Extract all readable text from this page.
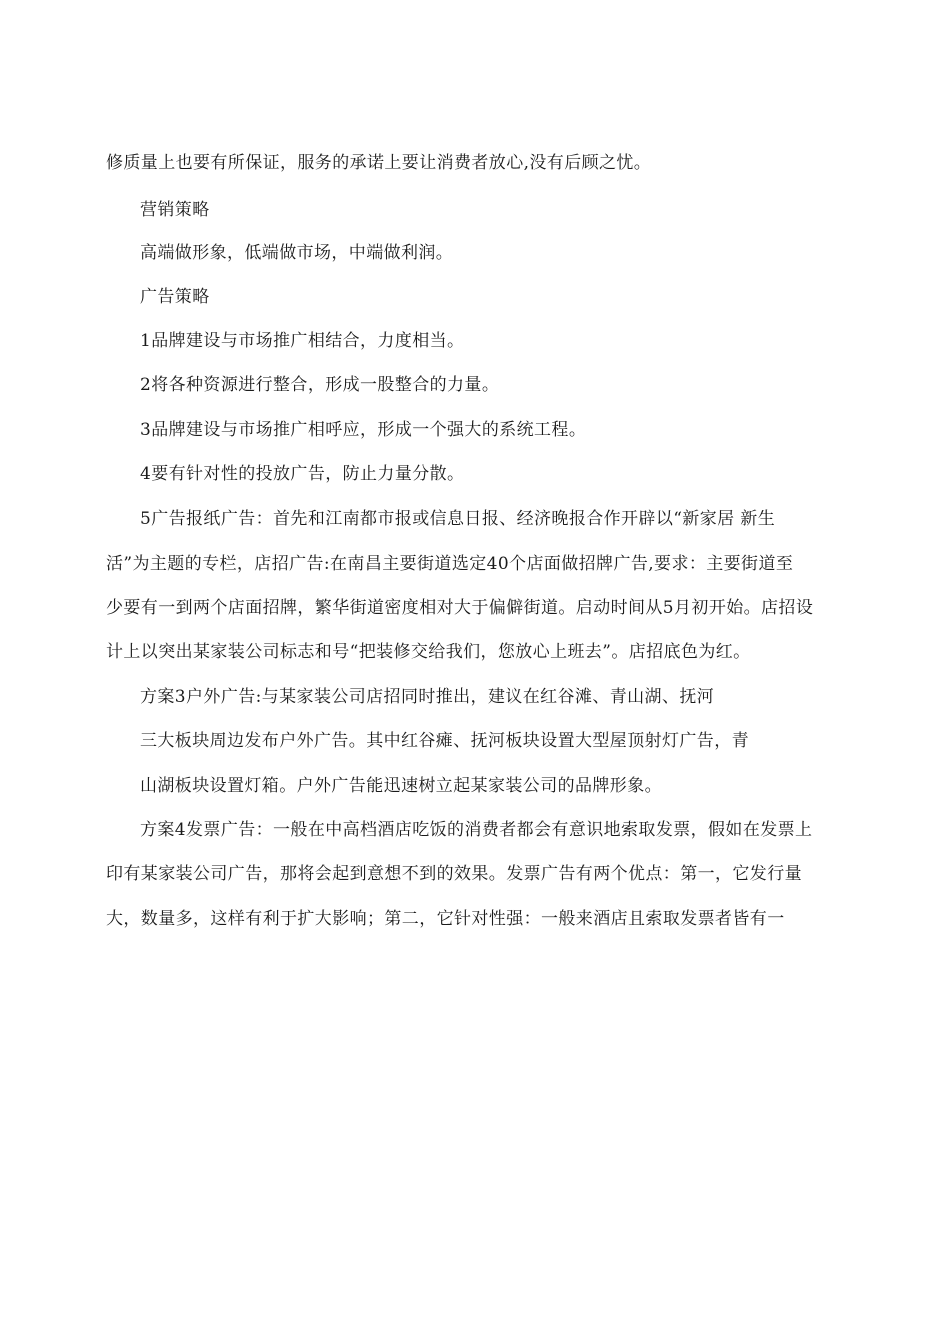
修质量上也要有所保证，服务的承诺上要让消费者放心,没有后顾之忧。
营销策略
高端做形象，低端做市场，中端做利润。
广告策略
1品牌建设与市场推广相结合，力度相当。
2将各种资源进行整合，形成一股整合的力量。
3品牌建设与市场推广相呼应，形成一个强大的系统工程。
4要有针对性的投放广告，防止力量分散。
5广告报纸广告：首先和江南都市报或信息日报、经济晚报合作开辟以“新家居 新生
活”为主题的专栏，店招广告:在南昌主要街道选定40个店面做招牌广告,要求：主要街道至
少要有一到两个店面招牌，繁华街道密度相对大于偏僻街道。启动时间从5月初开始。店招设
计上以突出某家装公司标志和号“把装修交给我们，您放心上班去”。店招底色为红。
方案3户外广告:与某家装公司店招同时推出，建议在红谷滩、青山湖、抚河
三大板块周边发布户外广告。其中红谷瘫、抚河板块设置大型屋顶射灯广告，青
山湖板块设置灯箱。户外广告能迅速树立起某家装公司的品牌形象。
方案4发票广告：一般在中高档酒店吃饭的消费者都会有意识地索取发票，假如在发票上
印有某家装公司广告，那将会起到意想不到的效果。发票广告有两个优点：第一，它发行量
大，数量多，这样有利于扩大影响；第二，它针对性强：一般来酒店且索取发票者皆有一
